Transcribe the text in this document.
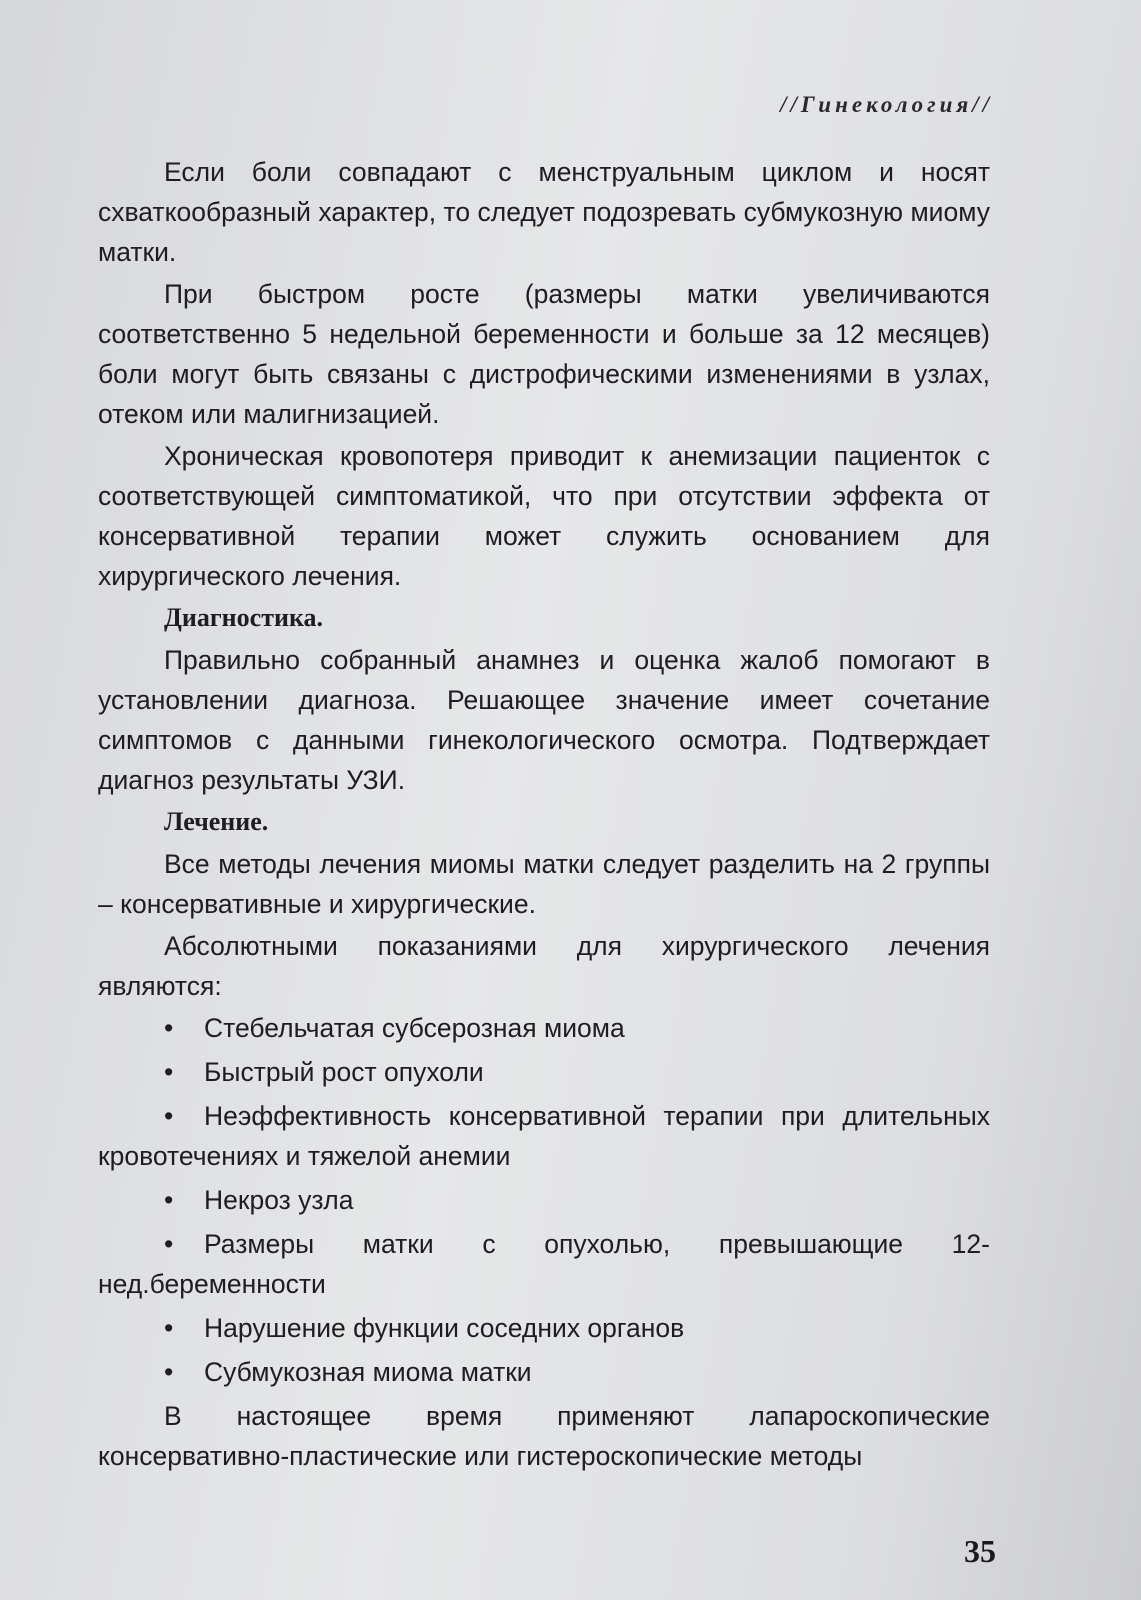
//Гинекология//

Если боли совпадают с менструальным циклом и носят схваткообразный характер, то следует подозревать субмукозную миому матки.

При быстром росте (размеры матки увеличиваются соответственно 5 недельной беременности и больше за 12 месяцев) боли могут быть связаны с дистрофическими изменениями в узлах, отеком или малигнизацией.

Хроническая кровопотеря приводит к анемизации пациенток с соответствующей симптоматикой, что при отсутствии эффекта от консервативной терапии может служить основанием для хирургического лечения.

Диагностика.

Правильно собранный анамнез и оценка жалоб помогают в установлении диагноза. Решающее значение имеет сочетание симптомов с данными гинекологического осмотра. Подтверждает диагноз результаты УЗИ.

Лечение.

Все методы лечения миомы матки следует разделить на 2 группы – консервативные и хирургические.

Абсолютными показаниями для хирургического лечения являются:

• Стебельчатая субсерозная миома
• Быстрый рост опухоли
• Неэффективность консервативной терапии при длительных кровотечениях и тяжелой анемии
• Некроз узла
• Размеры матки с опухолью, превышающие 12-нед.беременности
• Нарушение функции соседних органов
• Субмукозная миома матки

В настоящее время применяют лапароскопические консервативно-пластические или гистероскопические методы

35
